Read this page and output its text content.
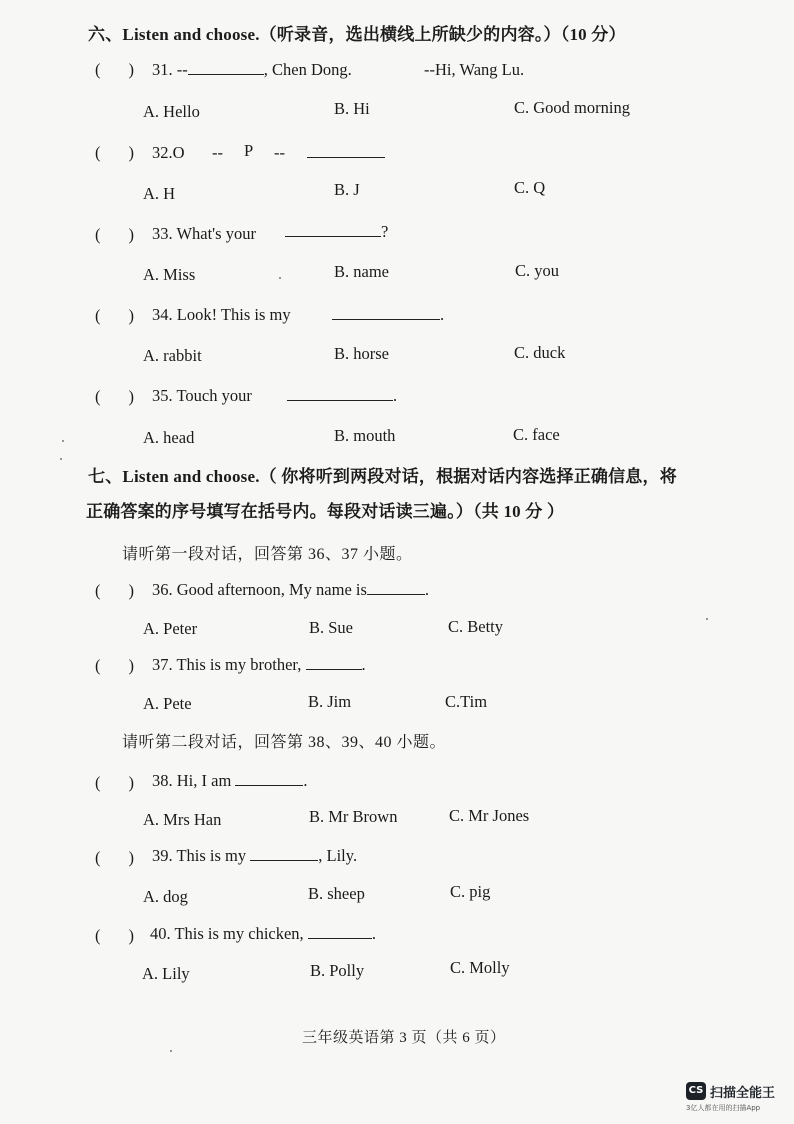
六、Listen and choose.（听录音，选出横线上所缺少的内容。）（10 分）
( ) 31. --	, Chen Dong.	--Hi, Wang Lu.
A. Hello	B. Hi	C. Good morning
( ) 32.O -- P --
A. H	B. J	C. Q
( ) 33. What's your	?
A. Miss	B. name	C. you
( ) 34. Look! This is my	.
A. rabbit	B. horse	C. duck
( ) 35. Touch your	.
A. head	B. mouth	C. face
七、Listen and choose.（ 你将听到两段对话，根据对话内容选择正确信息，将
正确答案的序号填写在括号内。每段对话读三遍。）（共 10 分 ）
请听第一段对话，回答第 36、37 小题。
( ) 36. Good afternoon, My name is	.
A. Peter	B. Sue	C. Betty
( ) 37. This is my brother,	.
A. Pete	B. Jim	C.Tim
请听第二段对话，回答第 38、39、40 小题。
( ) 38. Hi, I am	.
A. Mrs Han	B. Mr Brown	C. Mr Jones
( ) 39. This is my	, Lily.
A. dog	B. sheep	C. pig
( ) 40. This is my chicken,	.
A. Lily	B. Polly	C. Molly
三年级英语第 3 页（共 6 页）
CS 扫描全能王
3亿人都在用的扫描App
